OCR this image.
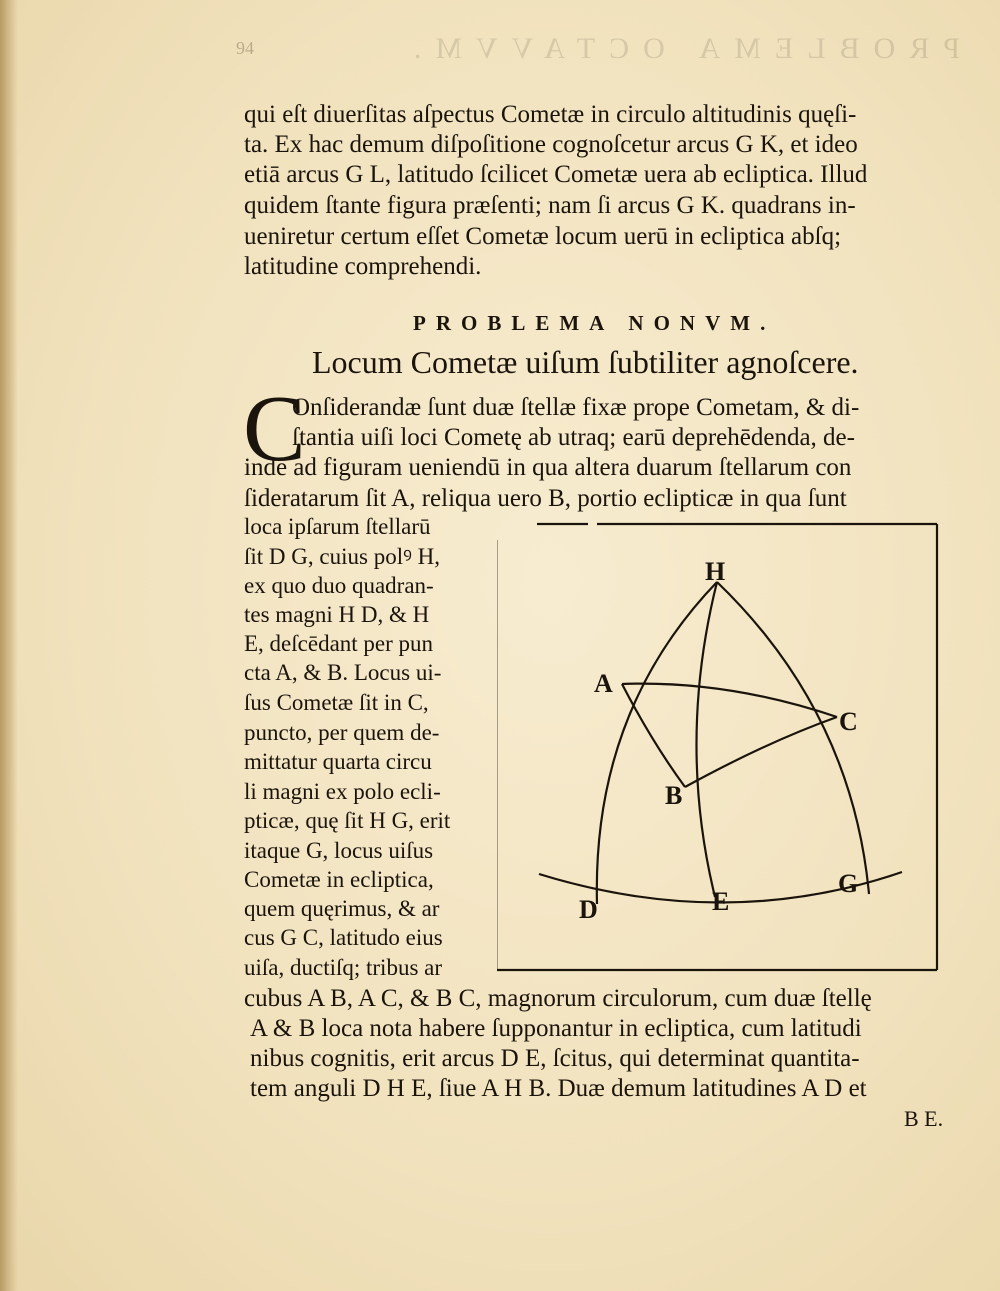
PROBLEMA OCTAVVM.
94
qui eſt diuerſitas aſpectus Cometæ in circulo altitudinis quęſi-
ta. Ex hac demum diſpoſitione cognoſcetur arcus G K, et ideo
etiā arcus G L, latitudo ſcilicet Cometæ uera ab ecliptica. Illud
quidem ſtante figura præſenti; nam ſi arcus G K. quadrans in-
ueniretur certum eſſet Cometæ locum uerū in ecliptica abſq;
latitudine comprehendi.
PROBLEMA NONVM.
Locum Cometæ uiſum ſubtiliter agnoſcere.
C
Onſiderandæ ſunt duæ ſtellæ fixæ prope Cometam, & di-
ſtantia uiſi loci Cometę ab utraq; earū deprehēdenda, de-
inde ad figuram ueniendū in qua altera duarum ſtellarum con
ſideratarum ſit A, reliqua uero B, portio eclipticæ in qua ſunt
loca ipſarum ſtellarū
ſit D G, cuius polꝰ H,
ex quo duo quadran-
tes magni H D, & H
E, deſcēdant per pun
cta A, & B. Locus ui-
ſus Cometæ ſit in C,
puncto, per quem de-
mittatur quarta circu
li magni ex polo ecli-
pticæ, quę ſit H G, erit
itaque G, locus uiſus
Cometæ in ecliptica,
quem quęrimus, & ar
cus G C, latitudo eius
uiſa, ductiſq; tribus ar
H
A
C
B
E
G
D
cubus A B, A C, & B C, magnorum circulorum, cum duæ ſtellę
A & B loca nota habere ſupponantur in ecliptica, cum latitudi
nibus cognitis, erit arcus D E, ſcitus, qui determinat quantita-
tem anguli D H E, ſiue A H B. Duæ demum latitudines A D et
B E.
